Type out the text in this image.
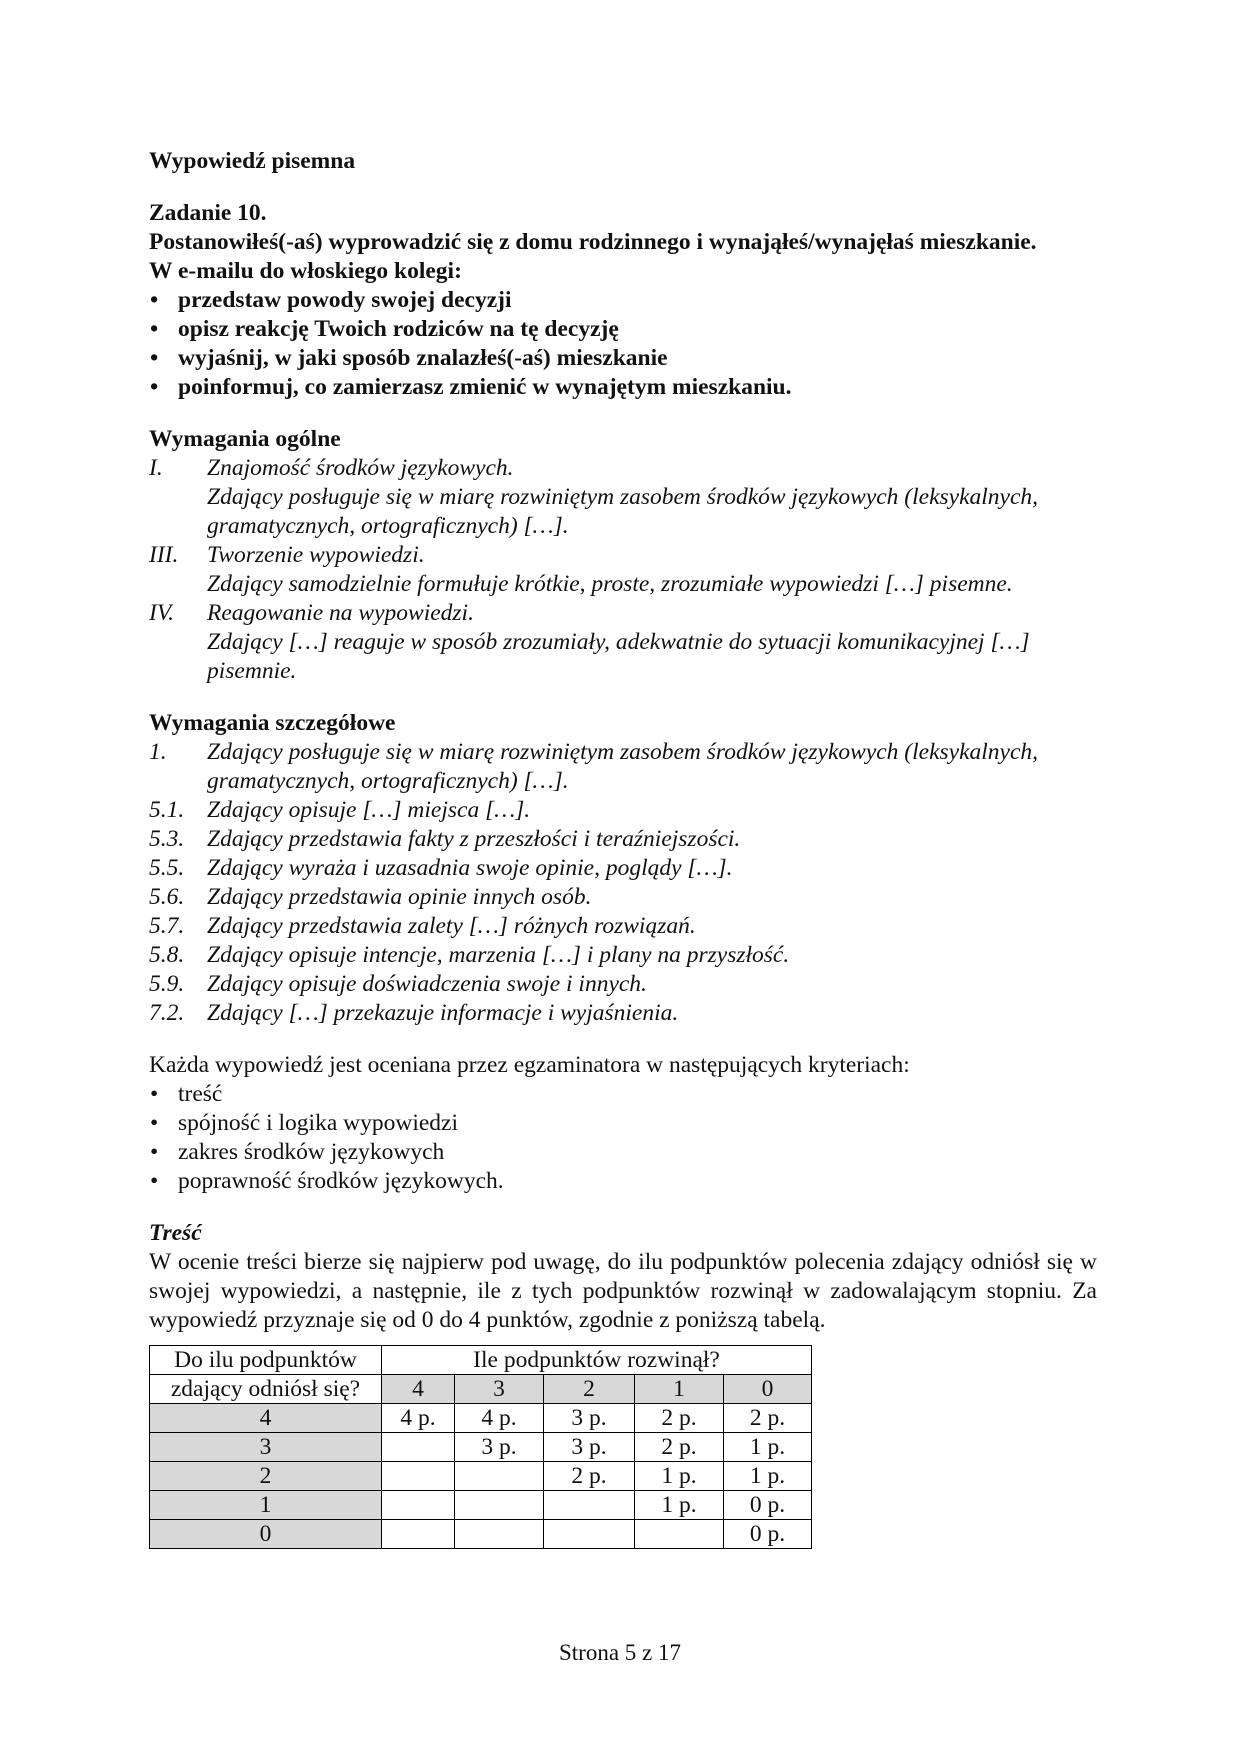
Wypowiedź pisemna

Zadanie 10.

Postanowiłeś(-aś) wyprowadzić się z domu rodzinnego i wynająłeś/wynajęłaś mieszkanie.

W e-mailu do włoskiego kolegi:

• przedstaw powody swojej decyzji
• opisz reakcję Twoich rodziców na tę decyzję
• wyjaśnij, w jaki sposób znalazłeś(-aś) mieszkanie
• poinformuj, co zamierzasz zmienić w wynajętym mieszkaniu.

Wymagania ogólne

I.	Znajomość środków językowych.
Zdający posługuje się w miarę rozwiniętym zasobem środków językowych (leksykalnych, gramatycznych, ortograficznych) […].
III.	Tworzenie wypowiedzi.
Zdający samodzielnie formułuje krótkie, proste, zrozumiałe wypowiedzi […] pisemne.
IV.	Reagowanie na wypowiedzi.
Zdający […] reaguje w sposób zrozumiały, adekwatnie do sytuacji komunikacyjnej […] pisemnie.

Wymagania szczegółowe

1.	Zdający posługuje się w miarę rozwiniętym zasobem środków językowych (leksykalnych, gramatycznych, ortograficznych) […].
5.1. Zdający opisuje […] miejsca […].
5.3. Zdający przedstawia fakty z przeszłości i teraźniejszości.
5.5. Zdający wyraża i uzasadnia swoje opinie, poglądy […].
5.6. Zdający przedstawia opinie innych osób.
5.7. Zdający przedstawia zalety […] różnych rozwiązań.
5.8. Zdający opisuje intencje, marzenia […] i plany na przyszłość.
5.9. Zdający opisuje doświadczenia swoje i innych.
7.2. Zdający […] przekazuje informacje i wyjaśnienia.

Każda wypowiedź jest oceniana przez egzaminatora w następujących kryteriach:

• treść
• spójność i logika wypowiedzi
• zakres środków językowych
• poprawność środków językowych.

Treść

W ocenie treści bierze się najpierw pod uwagę, do ilu podpunktów polecenia zdający odniósł się w swojej wypowiedzi, a następnie, ile z tych podpunktów rozwinął w zadowalającym stopniu. Za wypowiedź przyznaje się od 0 do 4 punktów, zgodnie z poniższą tabelą.

Do ilu podpunktów	Ile podpunktów rozwinął?				
zdający odniósł się?	4	3	2	1	0
4	4 p.	4 p.	3 p.	2 p.	2 p.
3		3 p.	3 p.	2 p.	1 p.
2			2 p.	1 p.	1 p.
1				1 p.	0 p.
0					0 p.
Strona 5 z 17
